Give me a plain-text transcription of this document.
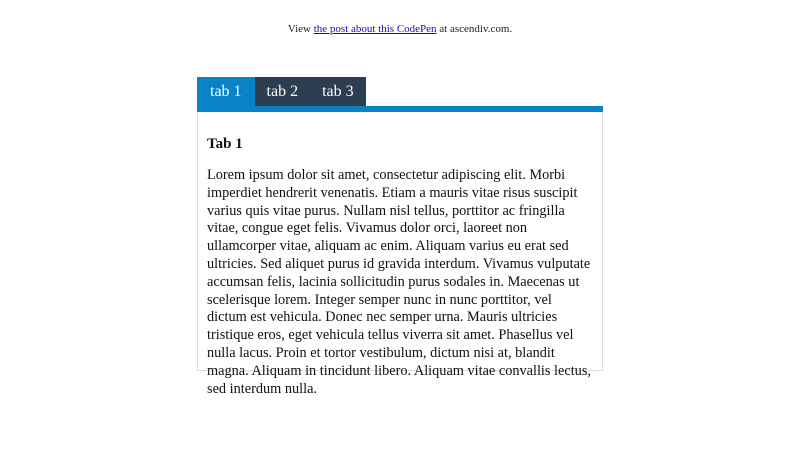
View the post about this CodePen at ascendiv.com.
tab 1	tab 2	tab 3
Tab 1

Lorem ipsum dolor sit amet, consectetur adipiscing elit. Morbi imperdiet hendrerit venenatis. Etiam a mauris vitae risus suscipit varius quis vitae purus. Nullam nisl tellus, porttitor ac fringilla vitae, congue eget felis. Vivamus dolor orci, laoreet non ullamcorper vitae, aliquam ac enim. Aliquam varius eu erat sed ultricies. Sed aliquet purus id gravida interdum. Vivamus vulputate accumsan felis, lacinia sollicitudin purus sodales in. Maecenas ut scelerisque lorem. Integer semper nunc in nunc porttitor, vel dictum est vehicula. Donec nec semper urna. Mauris ultricies tristique eros, eget vehicula tellus viverra sit amet. Phasellus vel nulla lacus. Proin et tortor vestibulum, dictum nisi at, blandit magna. Aliquam in tincidunt libero. Aliquam vitae convallis lectus, sed interdum nulla.
